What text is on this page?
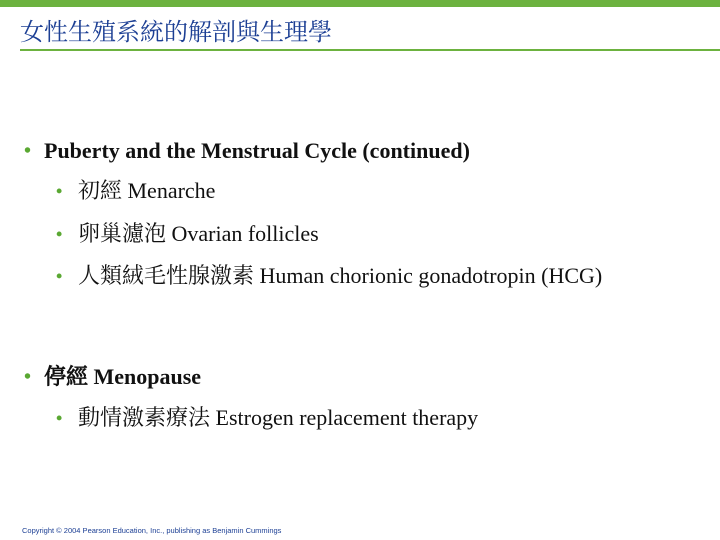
女性生殖系統的解剖與生理學
• Puberty and the Menstrual Cycle (continued)
• 初經 Menarche
• 卵巢濾泡 Ovarian follicles
• 人類絨毛性腺激素 Human chorionic gonadotropin (HCG)
• 停經 Menopause
• 動情激素療法 Estrogen replacement therapy
Copyright © 2004 Pearson Education, Inc., publishing as Benjamin Cummings
